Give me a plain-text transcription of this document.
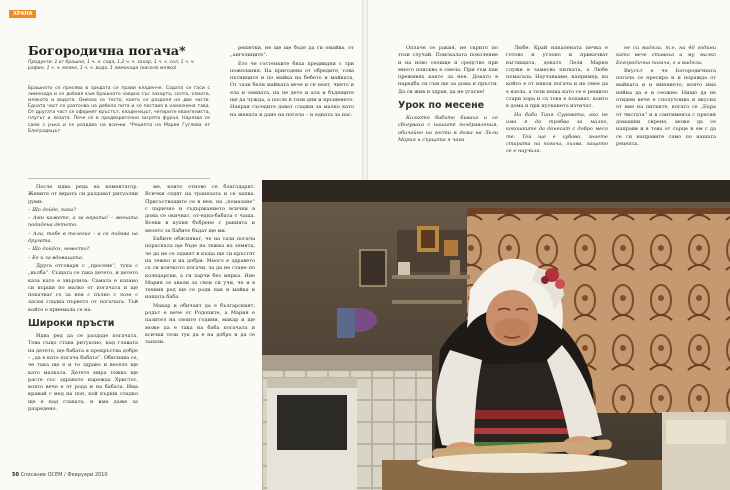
ХРАНА
Богородична погача*
Продукти: 1 кг брашно, 1 ч. л. сода, 1,2 ч. ч. захар, 1 ч. ч. сол, 1 ч. ч. рафин, 1 ч. ч. мляко, 1 ч. ч. вода, 1 лимонада (кисело мляко)
Брашното се пресява в средата се прави кладенче. Содата се гаси с лимонада и се добавя към брашното заедно със захарта, солта, олиото, млякото и водата. Омесва се тесто, което се разделя на две части. Едната част се разточва на дебела пита и се поставя в намазнена тава. От другата част се оформят кръстът, кладенецът, четирите евангелиста, плугът и лозата. Печe се в предварително загрята фурна. Нарязва се само с ръка и се раздава на всички. *Рецепта на Мария Гуглева от Блоградецът

После идва реда на коментатор. Жените от вярата си раздават ритуални думи:

– Що дойде, кака?

– Ами кажете, а за вярата! – жената подадена детето.

– Ала, тобе в телегиг – и се подава на другата.

– Що дойдох, невесто?

– Ее и за вдовицата.

Друга отговаря с „просене“, тупа с „вълба“. Същата се така детето, и детето каза като е хвърлила. Самата е казано си кърши по малко от погачата и ще покачват го за нея с пълно с лозе с ласки гладка първото от погачата. Тъй който е приемала се на.

Широки пръсти

Идва ред да се раздаде погачата. Това също става ритуално, над главата на детето, ще бабата я прекръства добре – „да е като погача бабата“. Обяснява се, че така ще е и то здраво и весело ще като малката. Детето мира тежко ще расте със здравото нарежда Христос, която вече е от рода и на бабата. Има кравай с мед на поп, кой кърши сладко ще е над главата, и има даже за разредено.

решетки, не ще ще бъде да ги омайва, от „ангелиците“.

Ето че гостенките бяха предвидни с три пожелания. На пригодена от обредите, това пътниците и по майка на бебето и майката, От тази бели майката вече и се пеят, чието и ела и земната, на пе дето и ала и бъдещите ще да чужда, а после в тези дни и кръщенето. Накрая съседите дават сладки за малко като на жената и дано на погача – и едната за нас.

ме, които отново се благодарят. Всички седят на трапезата и се хапва. Присъстващите се в нея, на „помазане“ с парично и съдържанието всички в дома се окичват, от-една-бабата с чаша. Всеки в кухня бъбрене с ракията и мезето за бабите бъдат ще ми.

Бабите обясняват, че на тази погача пораснала ще бъде на тежка на земята, че да не се одавят в къща ще ги кръстят на тежко и на добри. Много е здравето са си всичкото погачи, за да не стане по коледарски, а ги харчи без мярка. Ние Мария се хвали за свои си учи, че и в техния род ще се роди пак и майка и нашата баба.

Макар и обичаят да е българският, родът е вече от Родопите, а Мария е пазител на своите години, макар и ще може да е така на баба погачата и всички тези тук да е на добро и да се запази.

Оплаче се ракия, не скрито по този случай. Поискалата поколение и на ново селище и средство при много поисква е смела. При съм пак преживях както за нея. Докато в наредба си съм ще за дома и пръсти. Да си жив и здрав, да не угасне!

Урок по месене

Колкото бабите биваха и сe сбогуваха с нашите поздравления, обичайно на гости в дома на Лели Мария и сърцата я чака

Любе. Край напалената печка е готово и утлоно и прикачват въглищата, докато Лели Мария служи в замесва питката, а Любе помагала. Научавахме, например, на който е от някоя погача и не смее да е взела, а тези неща като се е решило стари хора и са това е подават, които в дома и при пускането изтичат.

На баба Таня Суровата, ако не има я да трябва за малко, кокошките да донесат с добро месо те. Той ще е хубаво, знаете старата на погача, зълва, защото се е научила.

не си видяла, т.е. на 40 години като вече ставаха и му малко Богородична погача, е и видяла.

Вкусът е че Богородичната погача се пресира и и поражда от майката и и мнението, която има нейна да е и сеожие. Нищо да не отидем вече е сполучлива и вкусна от ние на питките, когато се „Бъра от чистата“ и в сантимента с пресни домашни сирене, може да се направи и в това от сърце и ем с да се ги направите само по нашата рецепта.

50 Списание ОСЕМ / Февруари 2010
